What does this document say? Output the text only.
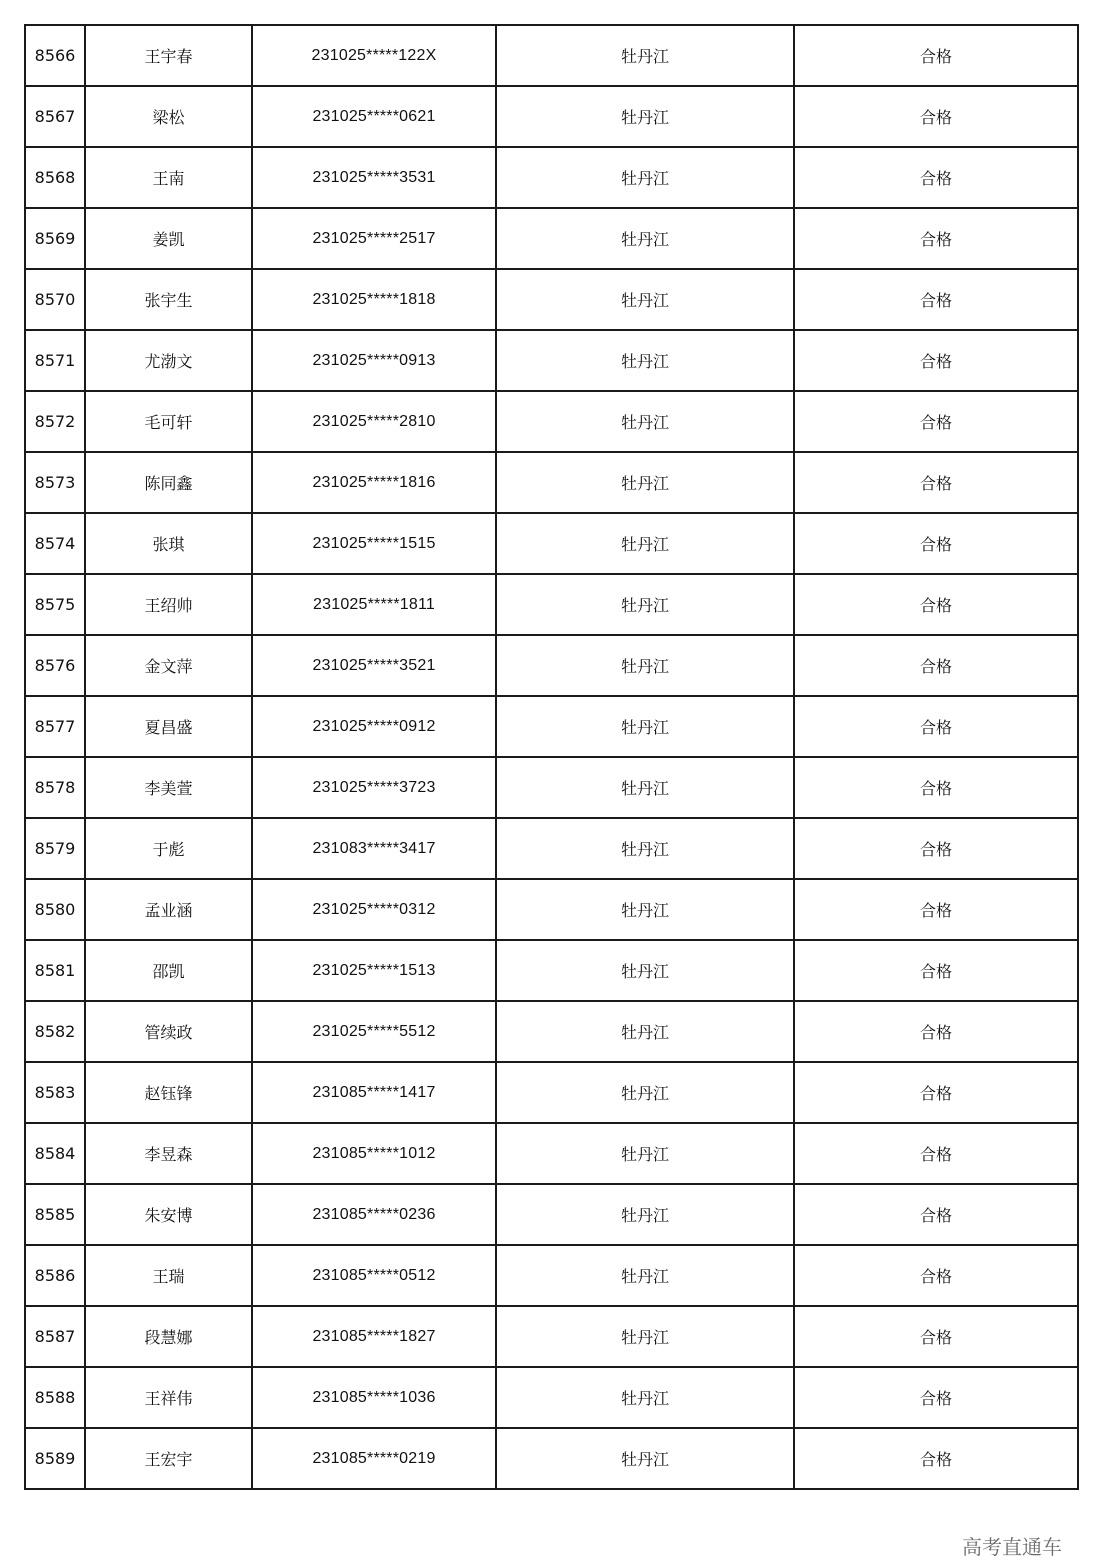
8566	王宇春	231025*****122X	牡丹江	合格
8567	梁松	231025*****0621	牡丹江	合格
8568	王南	231025*****3531	牡丹江	合格
8569	姜凯	231025*****2517	牡丹江	合格
8570	张宇生	231025*****1818	牡丹江	合格
8571	尤渤文	231025*****0913	牡丹江	合格
8572	毛可轩	231025*****2810	牡丹江	合格
8573	陈同鑫	231025*****1816	牡丹江	合格
8574	张琪	231025*****1515	牡丹江	合格
8575	王绍帅	231025*****1811	牡丹江	合格
8576	金文萍	231025*****3521	牡丹江	合格
8577	夏昌盛	231025*****0912	牡丹江	合格
8578	李美萱	231025*****3723	牡丹江	合格
8579	于彪	231083*****3417	牡丹江	合格
8580	孟业涵	231025*****0312	牡丹江	合格
8581	邵凯	231025*****1513	牡丹江	合格
8582	管续政	231025*****5512	牡丹江	合格
8583	赵钰锋	231085*****1417	牡丹江	合格
8584	李昱森	231085*****1012	牡丹江	合格
8585	朱安博	231085*****0236	牡丹江	合格
8586	王瑞	231085*****0512	牡丹江	合格
8587	段慧娜	231085*****1827	牡丹江	合格
8588	王祥伟	231085*****1036	牡丹江	合格
8589	王宏宇	231085*****0219	牡丹江	合格
高考直通车
